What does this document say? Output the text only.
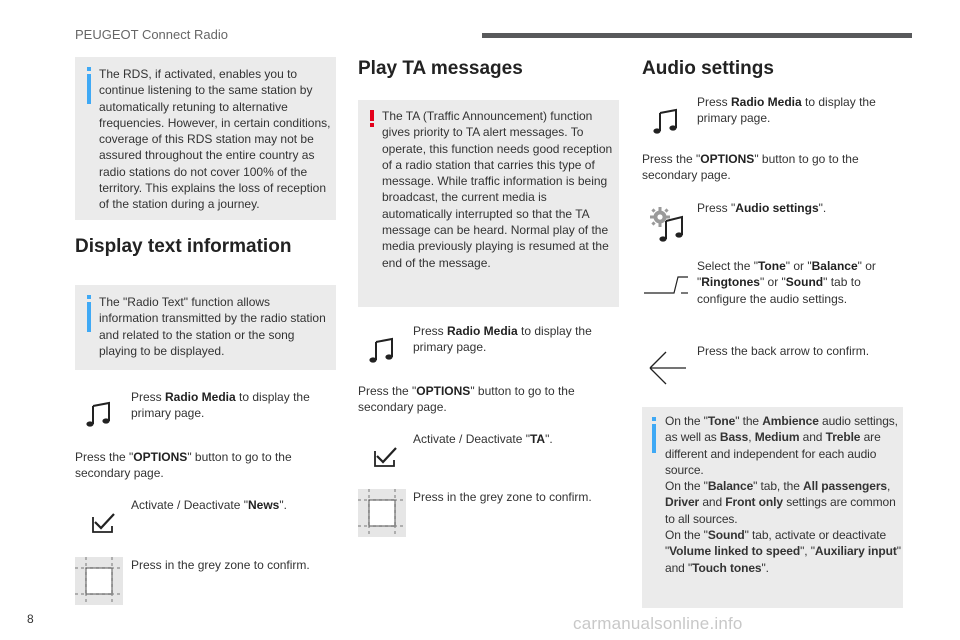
PEUGEOT Connect Radio
The RDS, if activated, enables you to continue listening to the same station by automatically retuning to alternative frequencies. However, in certain conditions, coverage of this RDS station may not be assured throughout the entire country as radio stations do not cover 100% of the territory. This explains the loss of reception of the station during a journey.
Display text information
The "Radio Text" function allows information transmitted by the radio station and related to the station or the song playing to be displayed.
Press Radio Media to display the primary page.
Press the "OPTIONS" button to go to the secondary page.
Activate / Deactivate "News".
Press in the grey zone to confirm.
Play TA messages
The TA (Traffic Announcement) function gives priority to TA alert messages. To operate, this function needs good reception of a radio station that carries this type of message. While traffic information is being broadcast, the current media is automatically interrupted so that the TA message can be heard. Normal play of the media previously playing is resumed at the end of the message.
Press Radio Media to display the primary page.
Press the "OPTIONS" button to go to the secondary page.
Activate / Deactivate "TA".
Press in the grey zone to confirm.
Audio settings
Press Radio Media to display the primary page.
Press the "OPTIONS" button to go to the secondary page.
Press "Audio settings".
Select the "Tone" or "Balance" or "Ringtones" or "Sound" tab to configure the audio settings.
Press the back arrow to confirm.
On the "Tone" the Ambience audio settings, as well as Bass, Medium and Treble are different and independent for each audio source.
On the "Balance" tab, the All passengers, Driver and Front only settings are common to all sources.
On the "Sound" tab, activate or deactivate "Volume linked to speed", "Auxiliary input" and "Touch tones".
8	carmanualsonline.info
